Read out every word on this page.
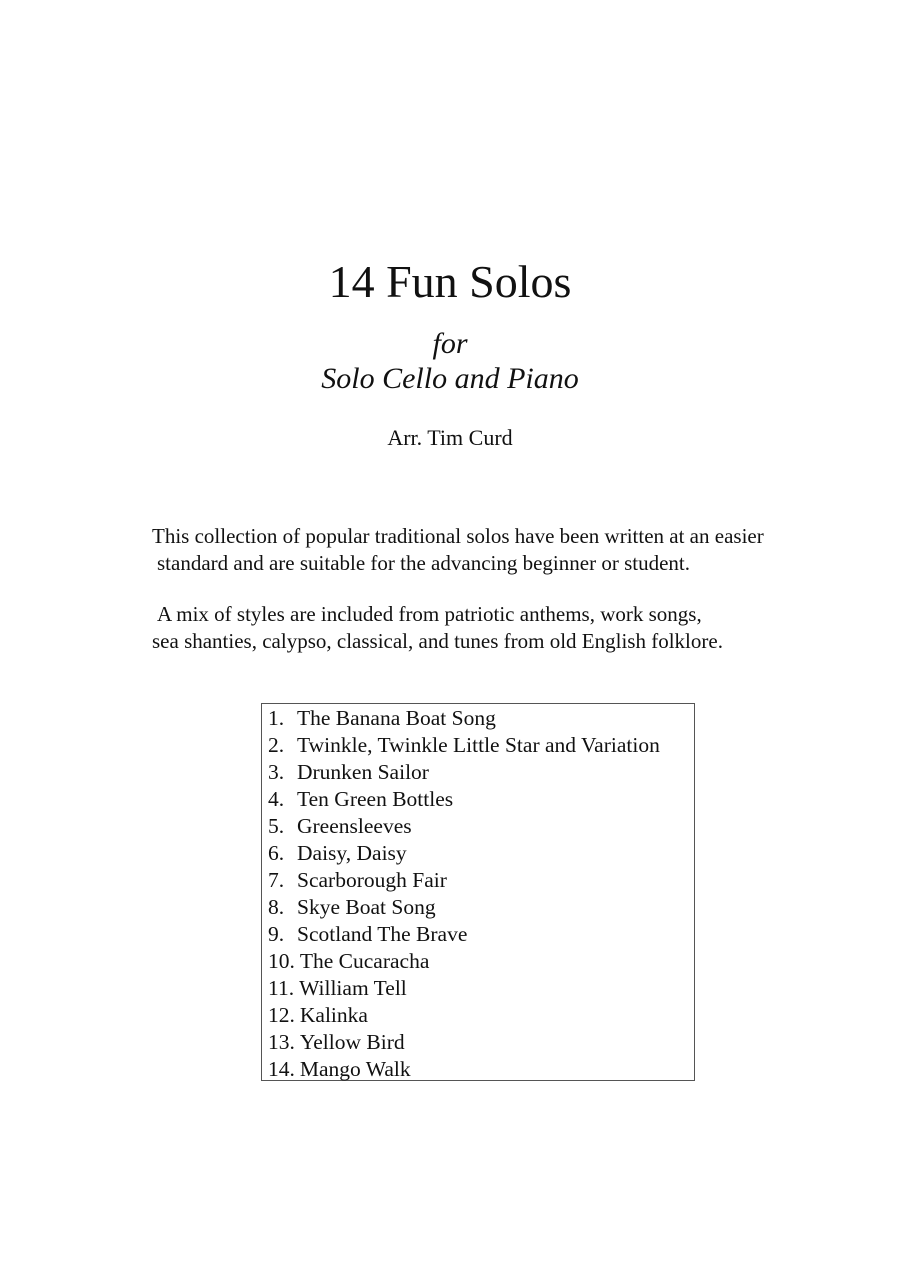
14 Fun Solos
for
Solo Cello and Piano
Arr. Tim Curd

This collection of popular traditional solos have been written at an easier
standard and are suitable for the advancing beginner or student.

A mix of styles are included from patriotic anthems, work songs,
sea shanties, calypso, classical, and tunes from old English folklore.

1. The Banana Boat Song
2. Twinkle, Twinkle Little Star and Variation
3. Drunken Sailor
4. Ten Green Bottles
5. Greensleeves
6. Daisy, Daisy
7. Scarborough Fair
8. Skye Boat Song
9. Scotland The Brave
10. The Cucaracha
11. William Tell
12. Kalinka
13. Yellow Bird
14. Mango Walk
